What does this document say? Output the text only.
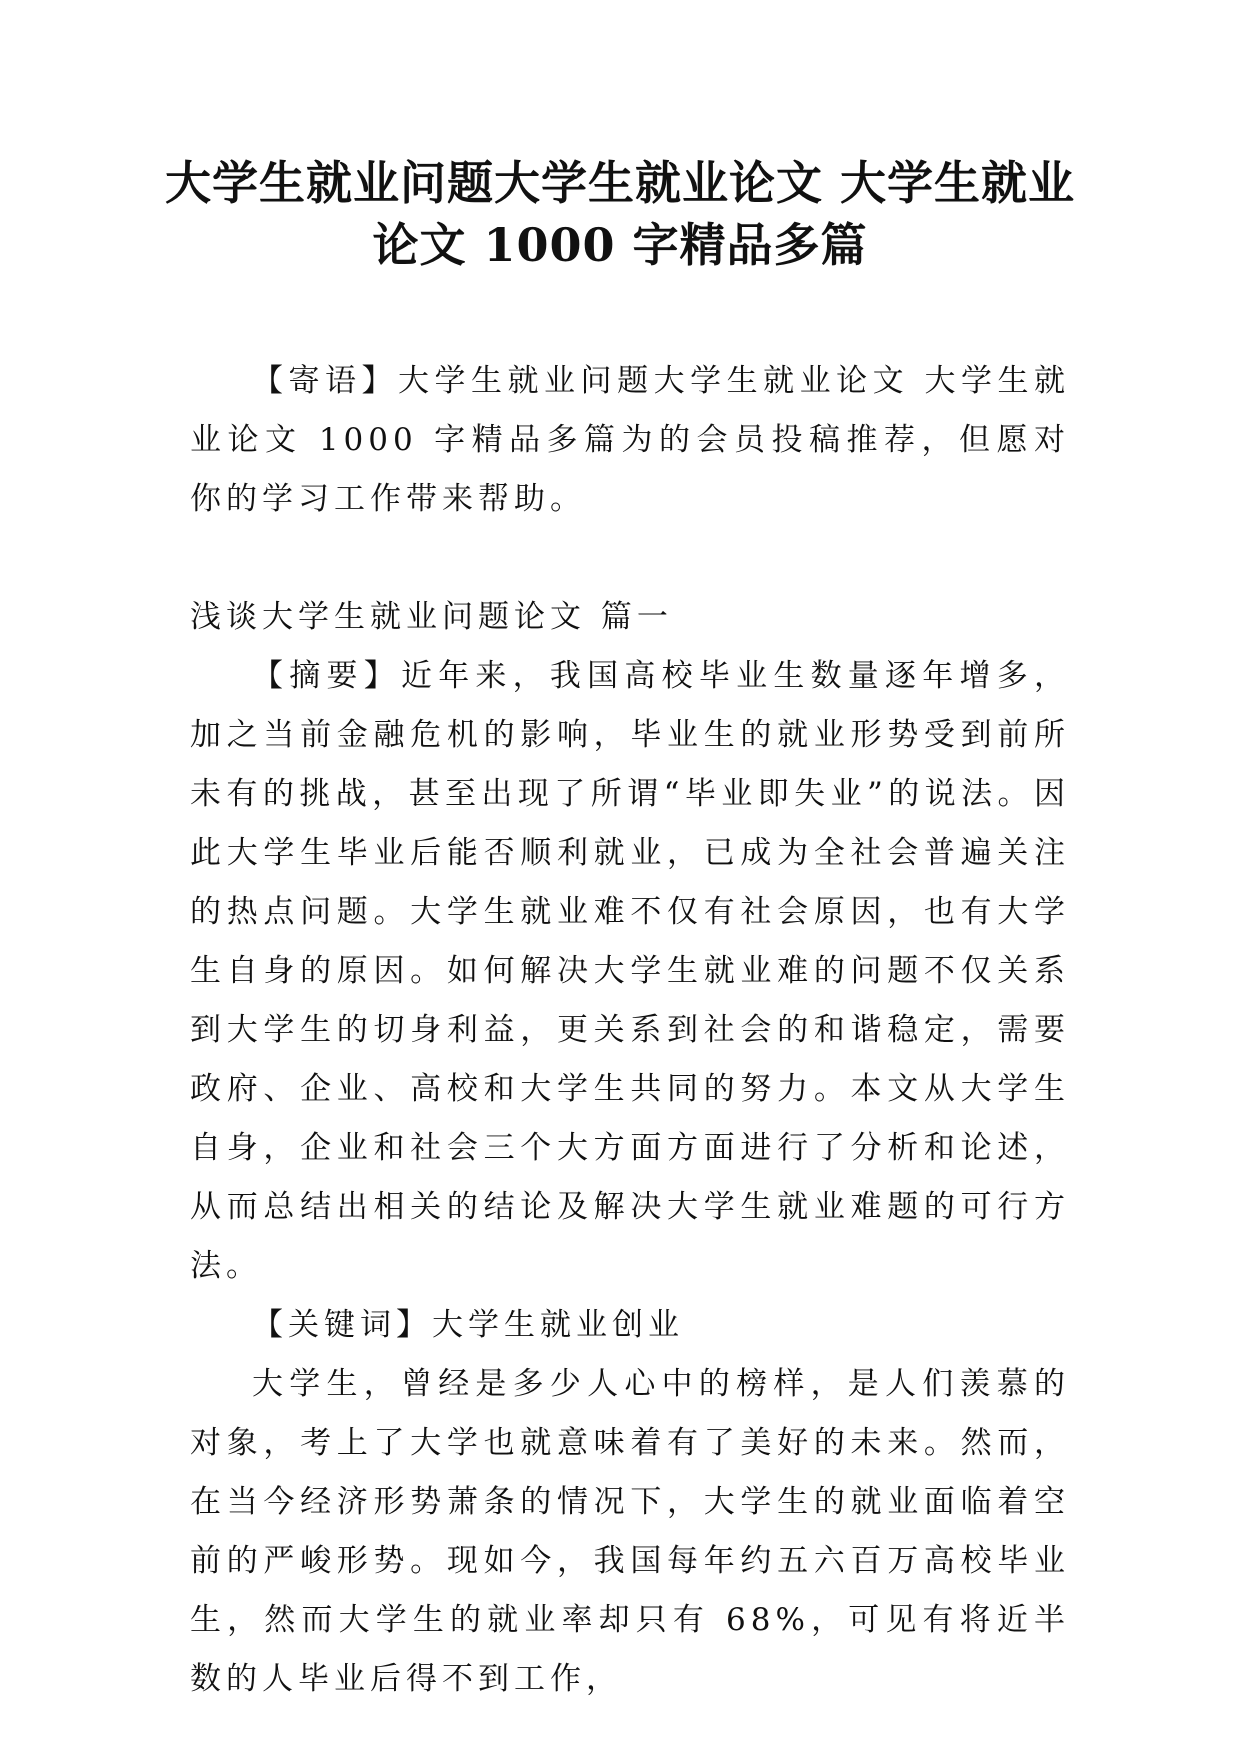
大学生就业问题大学生就业论文 大学生就业论文 1000 字精品多篇

【寄语】大学生就业问题大学生就业论文 大学生就业论文 1000 字精品多篇为的会员投稿推荐，但愿对你的学习工作带来帮助。

浅谈大学生就业问题论文 篇一

【摘要】近年来，我国高校毕业生数量逐年增多，加之当前金融危机的影响，毕业生的就业形势受到前所未有的挑战，甚至出现了所谓“毕业即失业”的说法。因此大学生毕业后能否顺利就业，已成为全社会普遍关注的热点问题。大学生就业难不仅有社会原因，也有大学生自身的原因。如何解决大学生就业难的问题不仅关系到大学生的切身利益，更关系到社会的和谐稳定，需要政府、企业、高校和大学生共同的努力。本文从大学生自身，企业和社会三个大方面方面进行了分析和论述，从而总结出相关的结论及解决大学生就业难题的可行方法。

【关键词】大学生就业创业

大学生，曾经是多少人心中的榜样，是人们羡慕的对象，考上了大学也就意味着有了美好的未来。然而，在当今经济形势萧条的情况下，大学生的就业面临着空前的严峻形势。现如今，我国每年约五六百万高校毕业生，然而大学生的就业率却只有 68%，可见有将近半数的人毕业后得不到工作，
